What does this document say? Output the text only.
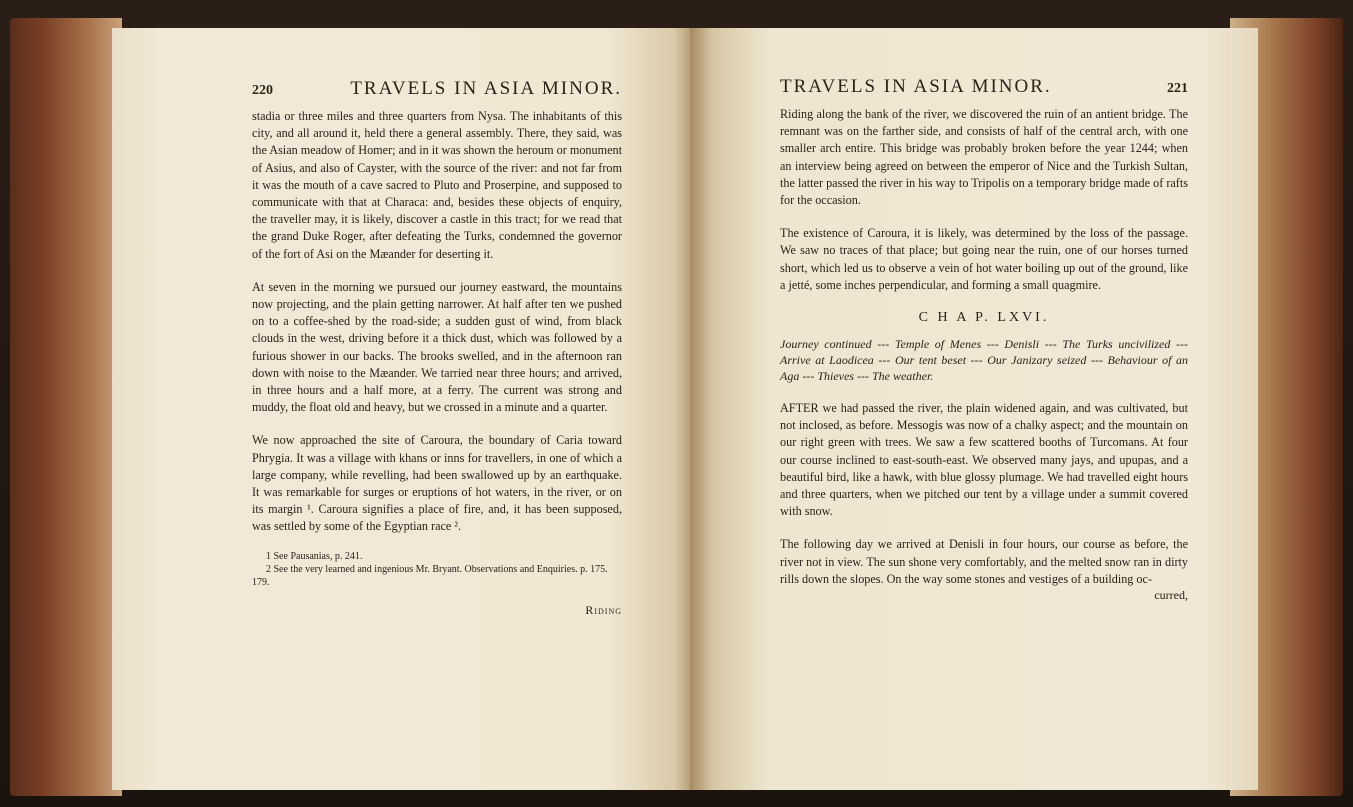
220	TRAVELS IN ASIA MINOR.

stadia or three miles and three quarters from Nysa. The inhabitants of this city, and all around it, held there a general assembly. There, they said, was the Asian meadow of Homer; and in it was shown the heroum or monument of Asius, and also of Cayster, with the source of the river: and not far from it was the mouth of a cave sacred to Pluto and Proserpine, and supposed to communicate with that at Characa: and, besides these objects of enquiry, the traveller may, it is likely, discover a castle in this tract; for we read that the grand Duke Roger, after defeating the Turks, condemned the governor of the fort of Asi on the Mæander for deserting it.

At seven in the morning we pursued our journey eastward, the mountains now projecting, and the plain getting narrower. At half after ten we pushed on to a coffee-shed by the road-side; a sudden gust of wind, from black clouds in the west, driving before it a thick dust, which was followed by a furious shower in our backs. The brooks swelled, and in the afternoon ran down with noise to the Mæander. We tarried near three hours; and arrived, in three hours and a half more, at a ferry. The current was strong and muddy, the float old and heavy, but we crossed in a minute and a quarter.

We now approached the site of Caroura, the boundary of Caria toward Phrygia. It was a village with khans or inns for travellers, in one of which a large company, while revelling, had been swallowed up by an earthquake. It was remarkable for surges or eruptions of hot waters, in the river, or on its margin ¹. Caroura signifies a place of fire, and, it has been supposed, was settled by some of the Egyptian race ².

1 See Pausanias, p. 241.
2 See the very learned and ingenious Mr. Bryant. Observations and Enquiries. p. 175. 179.
Riding
TRAVELS IN ASIA MINOR.	221

Riding along the bank of the river, we discovered the ruin of an antient bridge. The remnant was on the farther side, and consists of half of the central arch, with one smaller arch entire. This bridge was probably broken before the year 1244; when an interview being agreed on between the emperor of Nice and the Turkish Sultan, the latter passed the river in his way to Tripolis on a temporary bridge made of rafts for the occasion.

The existence of Caroura, it is likely, was determined by the loss of the passage. We saw no traces of that place; but going near the ruin, one of our horses turned short, which led us to observe a vein of hot water boiling up out of the ground, like a jetté, some inches perpendicular, and forming a small quagmire.

C H A P. LXVI.
Journey continued --- Temple of Menes --- Denisli --- The Turks uncivilized --- Arrive at Laodicea --- Our tent beset --- Our Janizary seized --- Behaviour of an Aga --- Thieves --- The weather.

AFTER we had passed the river, the plain widened again, and was cultivated, but not inclosed, as before. Messogis was now of a chalky aspect; and the mountain on our right green with trees. We saw a few scattered booths of Turcomans. At four our course inclined to east-south-east. We observed many jays, and upupas, and a beautiful bird, like a hawk, with blue glossy plumage. We had travelled eight hours and three quarters, when we pitched our tent by a village under a summit covered with snow.

The following day we arrived at Denisli in four hours, our course as before, the river not in view. The sun shone very comfortably, and the melted snow ran in dirty rills down the slopes. On the way some stones and vestiges of a building oc-

curred,
